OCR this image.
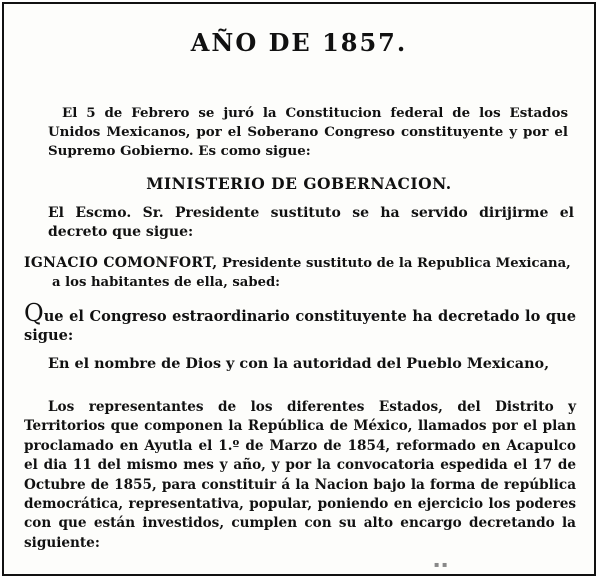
AÑO DE 1857.

El 5 de Febrero se juró la Constitucion federal de los Estados Unidos Mexicanos, por el Soberano Congreso constituyente y por el Supremo Gobierno. Es como sigue:

MINISTERIO DE GOBERNACION.

El Escmo. Sr. Presidente sustituto se ha servido dirijirme el decreto que sigue:

IGNACIO COMONFORT, Presidente sustituto de la Republica Mexicana,
a los habitantes de ella, sabed:

Que el Congreso estraordinario constituyente ha decretado lo que sigue:

En el nombre de Dios y con la autoridad del Pueblo Mexicano,

Los representantes de los diferentes Estados, del Distrito y Territorios que componen la República de México, llamados por el plan proclamado en Ayutla el 1.º de Marzo de 1854, reformado en Acapulco el dia 11 del mismo mes y año, y por la convocatoria espedida el 17 de Octubre de 1855, para constituir á la Nacion bajo la forma de república democrática, representativa, popular, poniendo en ejercicio los poderes con que están investidos, cumplen con su alto encargo decretando la siguiente:

▪ ▪
